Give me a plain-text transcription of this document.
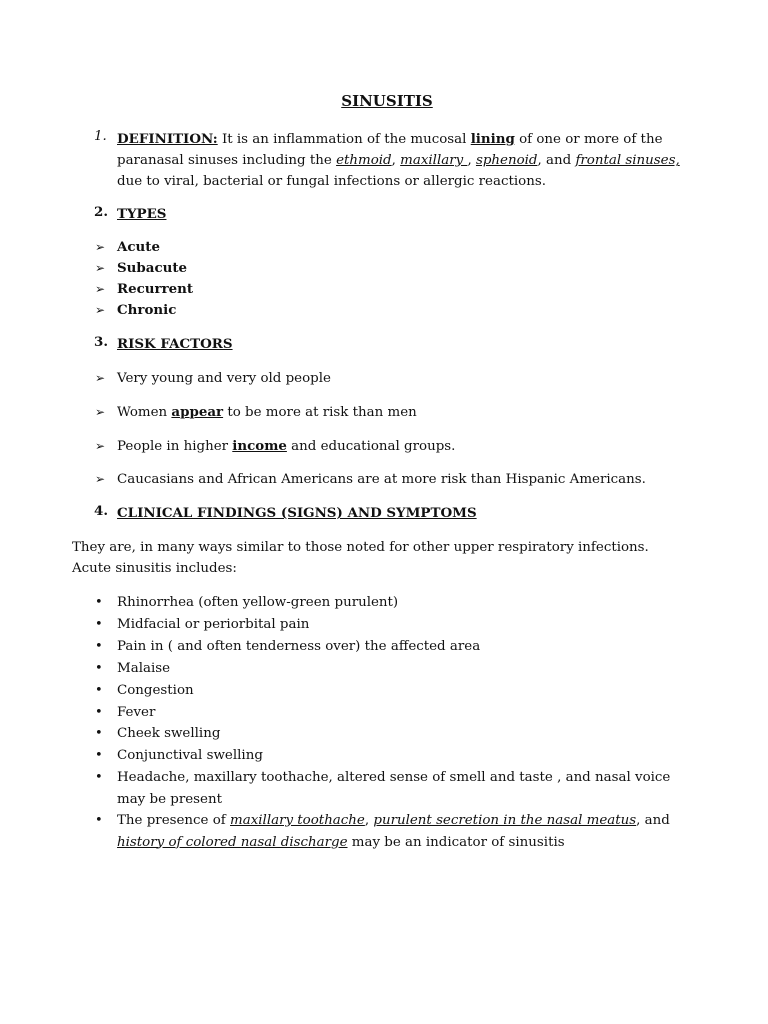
SINUSITIS
1. DEFINITION: It is an inflammation of the mucosal lining of one or more of the paranasal sinuses including the ethmoid, maxillary , sphenoid, and frontal sinuses, due to viral, bacterial or fungal infections or allergic reactions.
2. TYPES
➢ Acute
➢ Subacute
➢ Recurrent
➢ Chronic
3. RISK FACTORS
➢ Very young and very old people
➢ Women appear to be more at risk than men
➢ People in higher income and educational groups.
➢ Caucasians and African Americans are at more risk than Hispanic Americans.
4. CLINICAL FINDINGS (SIGNS) AND SYMPTOMS
They are, in many ways similar to those noted for other upper respiratory infections. Acute sinusitis includes:
• Rhinorrhea (often yellow-green purulent)
• Midfacial or periorbital pain
• Pain in ( and often tenderness over) the affected area
• Malaise
• Congestion
• Fever
• Cheek swelling
• Conjunctival swelling
• Headache, maxillary toothache, altered sense of smell and taste , and nasal voice may be present
• The presence of maxillary toothache, purulent secretion in the nasal meatus, and history of colored nasal discharge may be an indicator of sinusitis
